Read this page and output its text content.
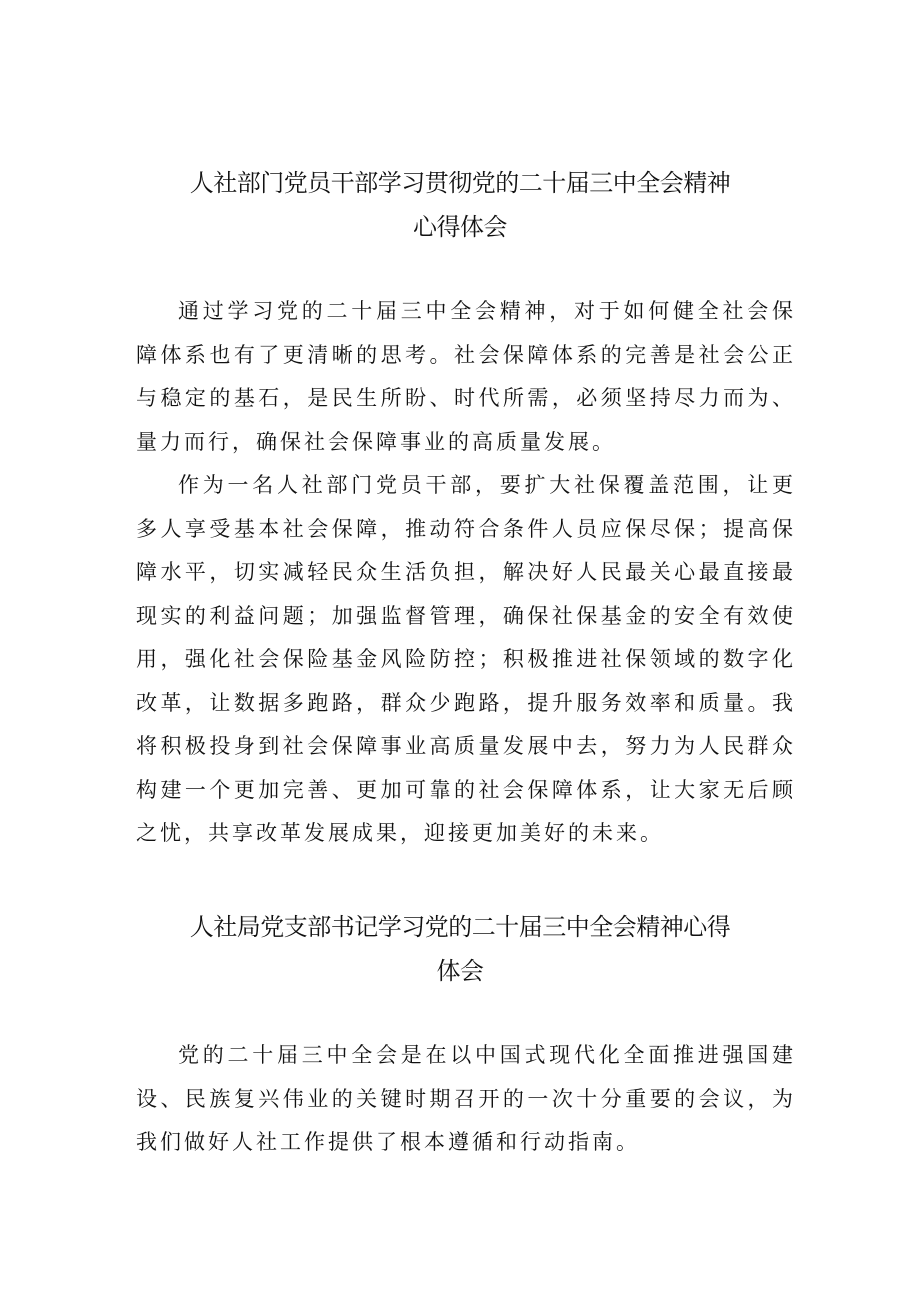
人社部门党员干部学习贯彻党的二十届三中全会精神
心得体会

通过学习党的二十届三中全会精神，对于如何健全社会保障体系也有了更清晰的思考。社会保障体系的完善是社会公正与稳定的基石，是民生所盼、时代所需，必须坚持尽力而为、量力而行，确保社会保障事业的高质量发展。

作为一名人社部门党员干部，要扩大社保覆盖范围，让更多人享受基本社会保障，推动符合条件人员应保尽保；提高保障水平，切实减轻民众生活负担，解决好人民最关心最直接最现实的利益问题；加强监督管理，确保社保基金的安全有效使用，强化社会保险基金风险防控；积极推进社保领域的数字化改革，让数据多跑路，群众少跑路，提升服务效率和质量。我将积极投身到社会保障事业高质量发展中去，努力为人民群众构建一个更加完善、更加可靠的社会保障体系，让大家无后顾之忧，共享改革发展成果，迎接更加美好的未来。

人社局党支部书记学习党的二十届三中全会精神心得
体会

党的二十届三中全会是在以中国式现代化全面推进强国建设、民族复兴伟业的关键时期召开的一次十分重要的会议，为我们做好人社工作提供了根本遵循和行动指南。
